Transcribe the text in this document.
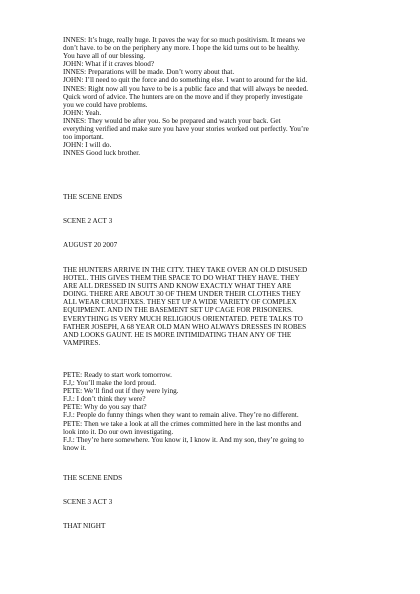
INNES: It’s huge, really huge. It paves the way for so much positivism. It means we
don’t have. to be on the periphery any more. I hope the kid turns out to be healthy.
You have all of our blessing.
JOHN: What if it craves blood?
INNES: Preparations will be made. Don’t worry about that.
JOHN: I’ll need to quit the force and do something else. I want to around for the kid.
INNES: Right now all you have to be is a public face and that will always be needed.
Quick word of advice. The hunters are on the move and if they properly investigate
you we could have problems.
JOHN: Yeah.
INNES: They would be after you. So be prepared and watch your back. Get
everything verified and make sure you have your stories worked out perfectly. You’re
too important.
JOHN: I will do.
INNES Good luck brother.
THE SCENE ENDS
SCENE 2 ACT 3
AUGUST 20 2007
THE HUNTERS ARRIVE IN THE CITY. THEY TAKE OVER AN OLD DISUSED
HOTEL. THIS GIVES THEM THE SPACE TO DO WHAT THEY HAVE. THEY
ARE ALL DRESSED IN SUITS AND KNOW EXACTLY WHAT THEY ARE
DOING. THERE ARE ABOUT 30 OF THEM UNDER THEIR CLOTHES THEY
ALL WEAR CRUCIFIXES. THEY SET UP A WIDE VARIETY OF COMPLEX
EQUIPMENT. AND IN THE BASEMENT SET UP CAGE FOR PRISONERS.
EVERYTHING IS VERY MUCH RELIGIOUS ORIENTATED. PETE TALKS TO
FATHER JOSEPH, A 68 YEAR OLD MAN WHO ALWAYS DRESSES IN ROBES
AND LOOKS GAUNT. HE IS MORE INTIMIDATING THAN ANY OF THE
VAMPIRES.
PETE: Ready to start work tomorrow.
F.J,: You’ll make the lord proud.
PETE: We’ll find out if they were lying.
F.J.: I don’t think they were?
PETE: Why do you say that?
F.J.: People do funny things when they want to remain alive. They’re no different.
PETE: Then we take a look at all the crimes committed here in the last months and
look into it. Do our own investigating.
F.J.: They’re here somewhere. You know it, I know it. And my son, they’re going to
know it.
THE SCENE ENDS
SCENE 3 ACT 3
THAT NIGHT
